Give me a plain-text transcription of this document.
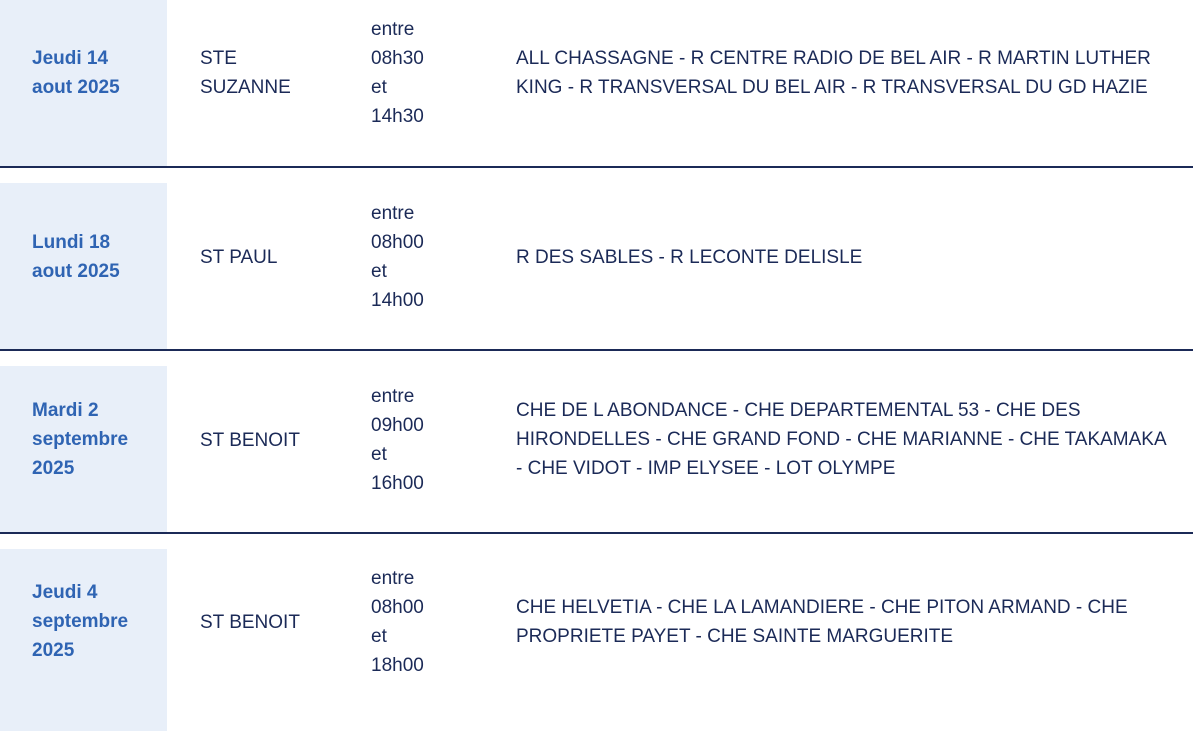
Jeudi 14
aout 2025
STE
SUZANNE
entre
08h30
et
14h30
ALL CHASSAGNE - R CENTRE RADIO DE BEL AIR - R MARTIN LUTHER
KING - R TRANSVERSAL DU BEL AIR - R TRANSVERSAL DU GD HAZIE
Lundi 18
aout 2025
ST PAUL
entre
08h00
et
14h00
R DES SABLES - R LECONTE DELISLE
Mardi 2
septembre
2025
ST BENOIT
entre
09h00
et
16h00
CHE DE L ABONDANCE - CHE DEPARTEMENTAL 53 - CHE DES
HIRONDELLES - CHE GRAND FOND - CHE MARIANNE - CHE TAKAMAKA
- CHE VIDOT - IMP ELYSEE - LOT OLYMPE
Jeudi 4
septembre
2025
ST BENOIT
entre
08h00
et
18h00
CHE HELVETIA - CHE LA LAMANDIERE - CHE PITON ARMAND - CHE
PROPRIETE PAYET - CHE SAINTE MARGUERITE
